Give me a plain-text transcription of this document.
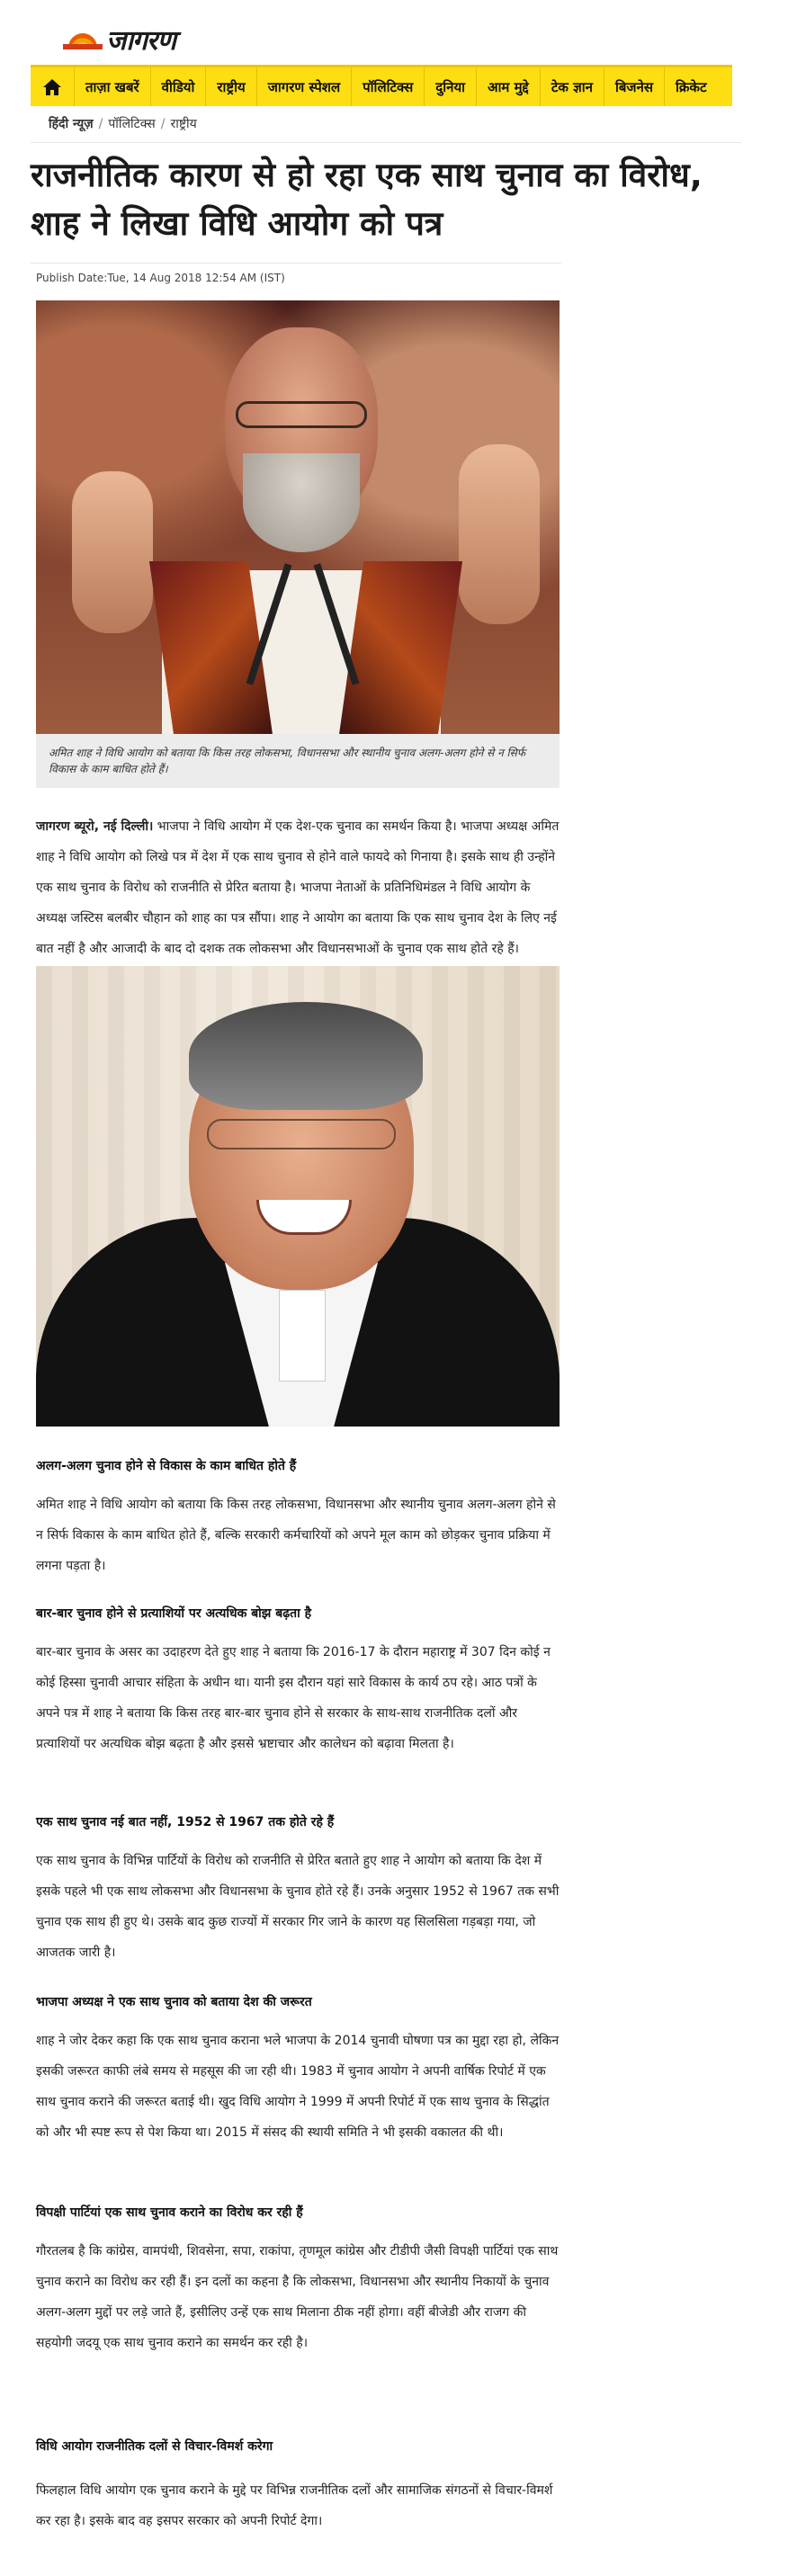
जागरण
ताज़ा खबरें	वीडियो	राष्ट्रीय	जागरण स्पेशल	पॉलिटिक्स	दुनिया	आम मुद्दे	टेक ज्ञान	बिजनेस	क्रिकेट
हिंदी न्यूज़ / पॉलिटिक्स / राष्ट्रीय
राजनीतिक कारण से हो रहा एक साथ चुनाव का विरोध,
शाह ने लिखा विधि आयोग को पत्र
Publish Date:Tue, 14 Aug 2018 12:54 AM (IST)
अमित शाह ने विधि आयोग को बताया कि किस तरह लोकसभा, विधानसभा और स्थानीय चुनाव अलग-अलग होने से न सिर्फ विकास के काम बाधित होते हैं।

जागरण ब्यूरो, नई दिल्ली। भाजपा ने विधि आयोग में एक देश-एक चुनाव का समर्थन किया है। भाजपा अध्यक्ष अमित शाह ने विधि आयोग को लिखे पत्र में देश में एक साथ चुनाव से होने वाले फायदे को गिनाया है। इसके साथ ही उन्होंने एक साथ चुनाव के विरोध को राजनीति से प्रेरित बताया है। भाजपा नेताओं के प्रतिनिधिमंडल ने विधि आयोग के अध्यक्ष जस्टिस बलबीर चौहान को शाह का पत्र सौंपा। शाह ने आयोग का बताया कि एक साथ चुनाव देश के लिए नई बात नहीं है और आजादी के बाद दो दशक तक लोकसभा और विधानसभाओं के चुनाव एक साथ होते रहे हैं।

अलग-अलग चुनाव होने से विकास के काम बाधित होते हैं

अमित शाह ने विधि आयोग को बताया कि किस तरह लोकसभा, विधानसभा और स्थानीय चुनाव अलग-अलग होने से न सिर्फ विकास के काम बाधित होते हैं, बल्कि सरकारी कर्मचारियों को अपने मूल काम को छोड़कर चुनाव प्रक्रिया में लगना पड़ता है।

बार-बार चुनाव होने से प्रत्याशियों पर अत्यधिक बोझ बढ़ता है

बार-बार चुनाव के असर का उदाहरण देते हुए शाह ने बताया कि 2016-17 के दौरान महाराष्ट्र में 307 दिन कोई न कोई हिस्सा चुनावी आचार संहिता के अधीन था। यानी इस दौरान यहां सारे विकास के कार्य ठप रहे। आठ पत्रों के अपने पत्र में शाह ने बताया कि किस तरह बार-बार चुनाव होने से सरकार के साथ-साथ राजनीतिक दलों और प्रत्याशियों पर अत्यधिक बोझ बढ़ता है और इससे भ्रष्टाचार और कालेधन को बढ़ावा मिलता है।

एक साथ चुनाव नई बात नहीं, 1952 से 1967 तक होते रहे हैं

एक साथ चुनाव के विभिन्न पार्टियों के विरोध को राजनीति से प्रेरित बताते हुए शाह ने आयोग को बताया कि देश में इसके पहले भी एक साथ लोकसभा और विधानसभा के चुनाव होते रहे हैं। उनके अनुसार 1952 से 1967 तक सभी चुनाव एक साथ ही हुए थे। उसके बाद कुछ राज्यों में सरकार गिर जाने के कारण यह सिलसिला गड़बड़ा गया, जो आजतक जारी है।

भाजपा अध्यक्ष ने एक साथ चुनाव को बताया देश की जरूरत

शाह ने जोर देकर कहा कि एक साथ चुनाव कराना भले भाजपा के 2014 चुनावी घोषणा पत्र का मुद्दा रहा हो, लेकिन इसकी जरूरत काफी लंबे समय से महसूस की जा रही थी। 1983 में चुनाव आयोग ने अपनी वार्षिक रिपोर्ट में एक साथ चुनाव कराने की जरूरत बताई थी। खुद विधि आयोग ने 1999 में अपनी रिपोर्ट में एक साथ चुनाव के सिद्धांत को और भी स्पष्ट रूप से पेश किया था। 2015 में संसद की स्थायी समिति ने भी इसकी वकालत की थी।

विपक्षी पार्टियां एक साथ चुनाव कराने का विरोध कर रही हैं

गौरतलब है कि कांग्रेस, वामपंथी, शिवसेना, सपा, राकांपा, तृणमूल कांग्रेस और टीडीपी जैसी विपक्षी पार्टियां एक साथ चुनाव कराने का विरोध कर रही हैं। इन दलों का कहना है कि लोकसभा, विधानसभा और स्थानीय निकायों के चुनाव अलग-अलग मुद्दों पर लड़े जाते हैं, इसीलिए उन्हें एक साथ मिलाना ठीक नहीं होगा। वहीं बीजेडी और राजग की सहयोगी जदयू एक साथ चुनाव कराने का समर्थन कर रही है।

विधि आयोग राजनीतिक दलों से विचार-विमर्श करेगा

फिलहाल विधि आयोग एक चुनाव कराने के मुद्दे पर विभिन्न राजनीतिक दलों और सामाजिक संगठनों से विचार-विमर्श कर रहा है। इसके बाद वह इसपर सरकार को अपनी रिपोर्ट देगा।
